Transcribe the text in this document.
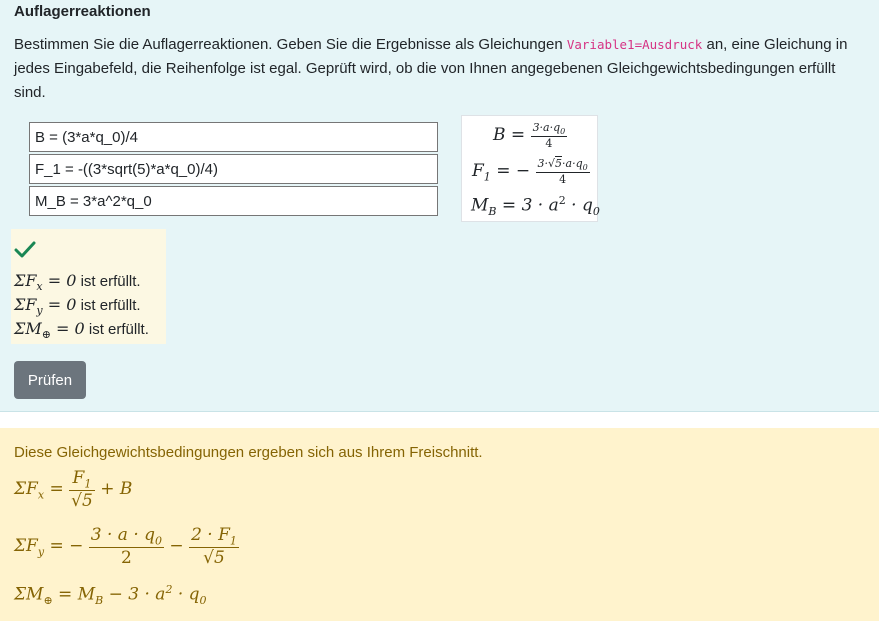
Auflagerreaktionen
Bestimmen Sie die Auflagerreaktionen. Geben Sie die Ergebnisse als Gleichungen Variable1=Ausdruck an, eine Gleichung in jedes Eingabefeld, die Reihenfolge ist egal. Geprüft wird, ob die von Ihnen angegebenen Gleichgewichtsbedingungen erfüllt sind.
B = (3*a*q_0)/4
F_1 = -((3*sqrt(5)*a*q_0)/4)
M_B = 3*a^2*q_0
$B = \frac{3\cdot a\cdot q_0}{4}$
$F_1$ = − $\frac{3\cdot√5\cdot a\cdot q_0}{4}$
$M_B = 3 \cdot a^2 \cdot q_0$
$\Sigma F_x = 0$ ist erfüllt.
$\Sigma F_y = 0$ ist erfüllt.
$\Sigma M_\oplus = 0$ ist erfüllt.
Prüfen
Diese Gleichgewichtsbedingungen ergeben sich aus Ihrem Freischnitt.
$\Sigma F_x = \frac{F_1}{√5} + B$
$\Sigma F_y$ = − $\frac{3 \cdot a \cdot q_0}{2} - \frac{2 \cdot F_1}{√5}$
$\Sigma M_\oplus = M_B - 3 \cdot a^2 \cdot q_0$
